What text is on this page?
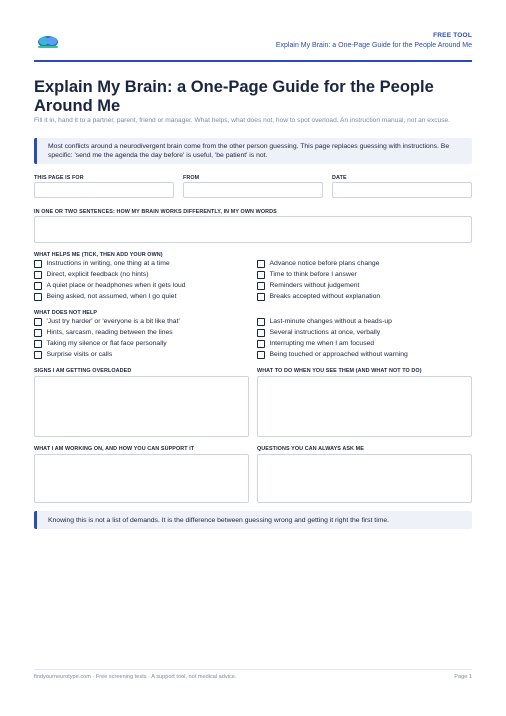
FREE TOOL
Explain My Brain: a One-Page Guide for the People Around Me
Explain My Brain: a One-Page Guide for the People Around Me
Fill it in, hand it to a partner, parent, friend or manager. What helps, what does not, how to spot overload. An instruction manual, not an excuse.
Most conflicts around a neurodivergent brain come from the other person guessing. This page replaces guessing with instructions. Be specific: 'send me the agenda the day before' is useful, 'be patient' is not.
THIS PAGE IS FOR	FROM	DATE
IN ONE OR TWO SENTENCES: HOW MY BRAIN WORKS DIFFERENTLY, IN MY OWN WORDS
WHAT HELPS ME (TICK, THEN ADD YOUR OWN)
Instructions in writing, one thing at a time
Direct, explicit feedback (no hints)
A quiet place or headphones when it gets loud
Being asked, not assumed, when I go quiet
Advance notice before plans change
Time to think before I answer
Reminders without judgement
Breaks accepted without explanation
WHAT DOES NOT HELP
'Just try harder' or 'everyone is a bit like that'
Hints, sarcasm, reading between the lines
Taking my silence or flat face personally
Surprise visits or calls
Last-minute changes without a heads-up
Several instructions at once, verbally
Interrupting me when I am focused
Being touched or approached without warning
SIGNS I AM GETTING OVERLOADED	WHAT TO DO WHEN YOU SEE THEM (AND WHAT NOT TO DO)
WHAT I AM WORKING ON, AND HOW YOU CAN SUPPORT IT	QUESTIONS YOU CAN ALWAYS ASK ME
Knowing this is not a list of demands. It is the difference between guessing wrong and getting it right the first time.
findyourneurotype.com · Free screening tests · A support tool, not medical advice.	Page 1
